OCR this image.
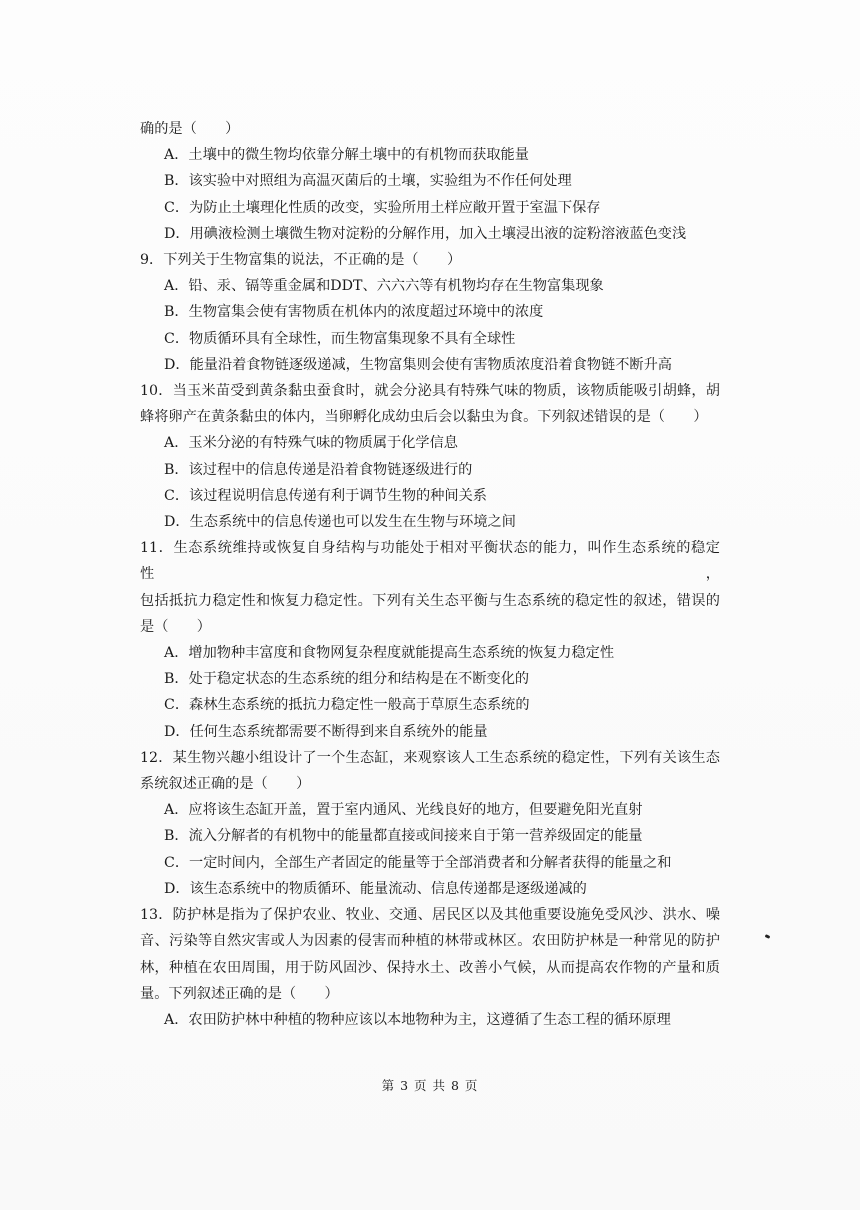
确的是（　　）
A．土壤中的微生物均依靠分解土壤中的有机物而获取能量
B．该实验中对照组为高温灭菌后的土壤，实验组为不作任何处理
C．为防止土壤理化性质的改变，实验所用土样应敞开置于室温下保存
D．用碘液检测土壤微生物对淀粉的分解作用，加入土壤浸出液的淀粉溶液蓝色变浅
9．下列关于生物富集的说法，不正确的是（　　）
A．铅、汞、镉等重金属和DDT、六六六等有机物均存在生物富集现象
B．生物富集会使有害物质在机体内的浓度超过环境中的浓度
C．物质循环具有全球性，而生物富集现象不具有全球性
D．能量沿着食物链逐级递减，生物富集则会使有害物质浓度沿着食物链不断升高
10．当玉米苗受到黄条黏虫蚕食时，就会分泌具有特殊气味的物质，该物质能吸引胡蜂，胡
蜂将卵产在黄条黏虫的体内，当卵孵化成幼虫后会以黏虫为食。下列叙述错误的是（　　）
A．玉米分泌的有特殊气味的物质属于化学信息
B．该过程中的信息传递是沿着食物链逐级进行的
C．该过程说明信息传递有利于调节生物的种间关系
D．生态系统中的信息传递也可以发生在生物与环境之间
11．生态系统维持或恢复自身结构与功能处于相对平衡状态的能力，叫作生态系统的稳定性，
包括抵抗力稳定性和恢复力稳定性。下列有关生态平衡与生态系统的稳定性的叙述，错误的
是（　　）
A．增加物种丰富度和食物网复杂程度就能提高生态系统的恢复力稳定性
B．处于稳定状态的生态系统的组分和结构是在不断变化的
C．森林生态系统的抵抗力稳定性一般高于草原生态系统的
D．任何生态系统都需要不断得到来自系统外的能量
12．某生物兴趣小组设计了一个生态缸，来观察该人工生态系统的稳定性，下列有关该生态
系统叙述正确的是（　　）
A．应将该生态缸开盖，置于室内通风、光线良好的地方，但要避免阳光直射
B．流入分解者的有机物中的能量都直接或间接来自于第一营养级固定的能量
C．一定时间内，全部生产者固定的能量等于全部消费者和分解者获得的能量之和
D．该生态系统中的物质循环、能量流动、信息传递都是逐级递减的
13．防护林是指为了保护农业、牧业、交通、居民区以及其他重要设施免受风沙、洪水、噪
音、污染等自然灾害或人为因素的侵害而种植的林带或林区。农田防护林是一种常见的防护
林，种植在农田周围，用于防风固沙、保持水土、改善小气候，从而提高农作物的产量和质
量。下列叙述正确的是（　　）
A．农田防护林中种植的物种应该以本地物种为主，这遵循了生态工程的循环原理
第 3 页 共 8 页
